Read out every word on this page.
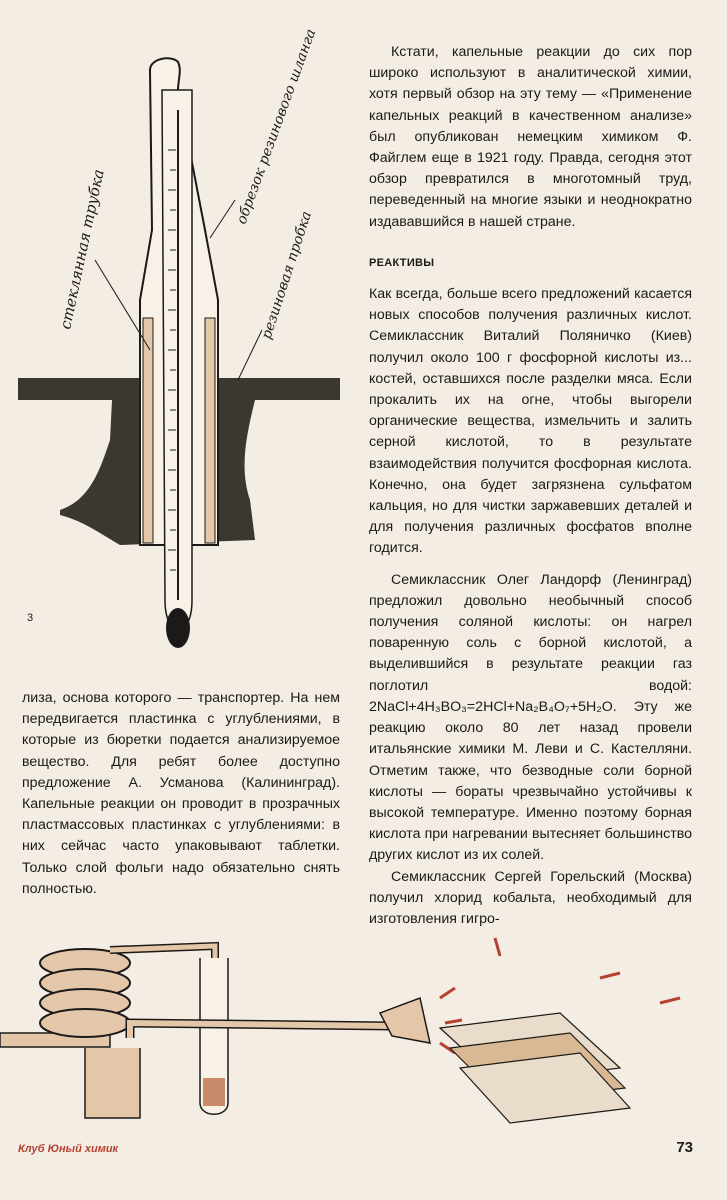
стеклянная трубка
обрезок резинового шланга
резиновая пробка
3

лиза, основа которого — транспортер. На нем передвигается пластинка с углублениями, в которые из бюретки подается анализируемое вещество. Для ребят более доступно предложение А. Усманова (Калининград). Капельные реакции он проводит в прозрачных пластмассовых пластинках с углублениями: в них сейчас часто упаковывают таблетки. Только слой фольги надо обязательно снять полностью.

Кстати, капельные реакции до сих пор широко используют в аналитической химии, хотя первый обзор на эту тему — «Применение капельных реакций в качественном анализе» был опубликован немецким химиком Ф. Файглем еще в 1921 году. Правда, сегодня этот обзор превратился в многотомный труд, переведенный на многие языки и неоднократно издававшийся в нашей стране.

РЕАКТИВЫ

Как всегда, больше всего предложений касается новых способов получения различных кислот. Семиклассник Виталий Поляничко (Киев) получил около 100 г фосфорной кислоты из... костей, оставшихся после разделки мяса. Если прокалить их на огне, чтобы выгорели органические вещества, измельчить и залить серной кислотой, то в результате взаимодействия получится фосфорная кислота. Конечно, она будет загрязнена сульфатом кальция, но для чистки заржавевших деталей и для получения различных фосфатов вполне годится.

Семиклассник Олег Ландорф (Ленинград) предложил довольно необычный способ получения соляной кислоты: он нагрел поваренную соль с борной кислотой, а выделившийся в результате реакции газ поглотил водой: 2NaCl+4H₃BO₃=2HCl+Na₂B₄O₇+5H₂O. Эту же реакцию около 80 лет назад провели итальянские химики М. Леви и С. Кастелляни. Отметим также, что безводные соли борной кислоты — бораты чрезвычайно устойчивы к высокой температуре. Именно поэтому борная кислота при нагревании вытесняет большинство других кислот из их солей.

Семиклассник Сергей Горельский (Москва) получил хлорид кобальта, необходимый для изготовления гигро-

Клуб Юный химик	73
